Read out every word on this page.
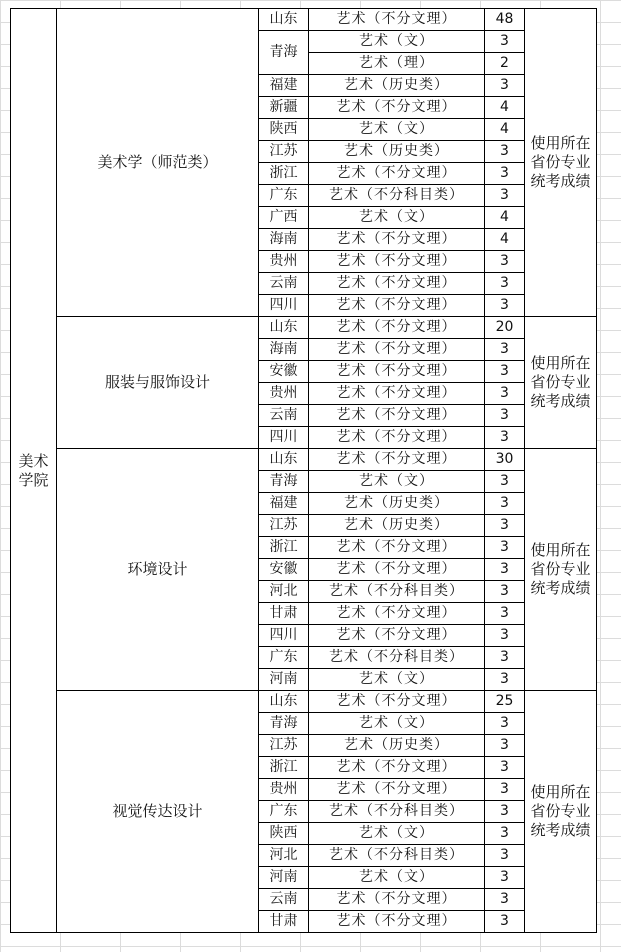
美术
学院	美术学（师范类）	山东	艺术（不分文理）	48	使用所在
省份专业
统考成绩
		青海	艺术（文）	3	
			艺术（理）	2	
		福建	艺术（历史类）	3	
		新疆	艺术（不分文理）	4	
		陕西	艺术（文）	4	
		江苏	艺术（历史类）	3	
		浙江	艺术（不分文理）	3	
		广东	艺术（不分科目类）	3	
		广西	艺术（文）	4	
		海南	艺术（不分文理）	4	
		贵州	艺术（不分文理）	3	
		云南	艺术（不分文理）	3	
		四川	艺术（不分文理）	3	
	服装与服饰设计	山东	艺术（不分文理）	20	使用所在
省份专业
统考成绩
		海南	艺术（不分文理）	3	
		安徽	艺术（不分文理）	3	
		贵州	艺术（不分文理）	3	
		云南	艺术（不分文理）	3	
		四川	艺术（不分文理）	3	
	环境设计	山东	艺术（不分文理）	30	使用所在
省份专业
统考成绩
		青海	艺术（文）	3	
		福建	艺术（历史类）	3	
		江苏	艺术（历史类）	3	
		浙江	艺术（不分文理）	3	
		安徽	艺术（不分文理）	3	
		河北	艺术（不分科目类）	3	
		甘肃	艺术（不分文理）	3	
		四川	艺术（不分文理）	3	
		广东	艺术（不分科目类）	3	
		河南	艺术（文）	3	
	视觉传达设计	山东	艺术（不分文理）	25	使用所在
省份专业
统考成绩
		青海	艺术（文）	3	
		江苏	艺术（历史类）	3	
		浙江	艺术（不分文理）	3	
		贵州	艺术（不分文理）	3	
		广东	艺术（不分科目类）	3	
		陕西	艺术（文）	3	
		河北	艺术（不分科目类）	3	
		河南	艺术（文）	3	
		云南	艺术（不分文理）	3	
		甘肃	艺术（不分文理）	3	
